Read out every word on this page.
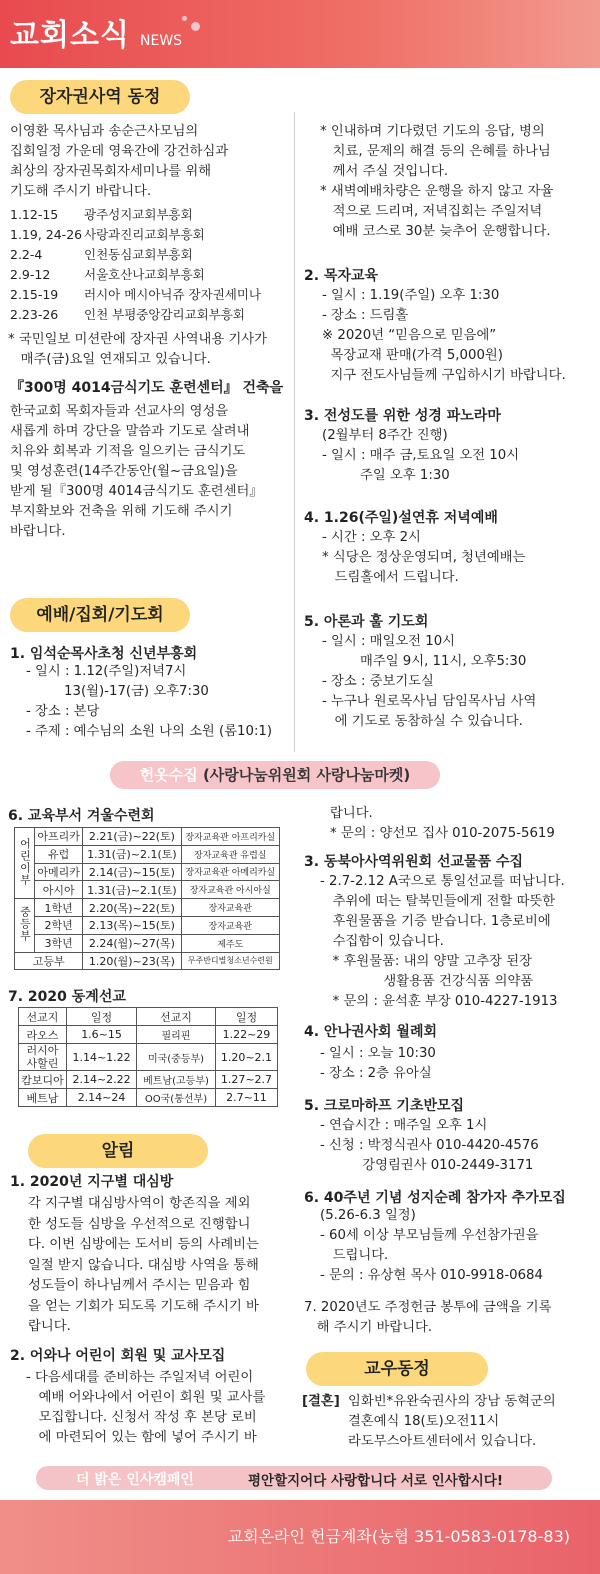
교회소식 NEWS
장자권사역 동정
이영환 목사님과 송순근사모님의
집회일정 가운데 영육간에 강건하심과
최상의 장자권목회자세미나를 위해
기도해 주시기 바랍니다.
1.12-15 광주성지교회부흥회
1.19, 24-26 사랑과진리교회부흥회
2.2-4	인천동심교회부흥회
2.9-12	서울호산나교회부흥회
2.15-19 러시아 메시아닉쥬 장자권세미나
2.23-26 인천 부평중앙감리교회부흥회
* 국민일보 미션란에 장자권 사역내용 기사가
매주(금)요일 연재되고 있습니다.
『300명 4014금식기도 훈련센터』 건축을
한국교회 목회자들과 선교사의 영성을
새롭게 하며 강단을 말씀과 기도로 살려내
치유와 회복과 기적을 일으키는 금식기도
및 영성훈련(14주간동안(월~금요일)을
받게 될『300명 4014금식기도 훈련센터』
부지확보와 건축을 위해 기도해 주시기
바랍니다.
예배/집회/기도회
1. 임석순목사초청 신년부흥회
- 일시 : 1.12(주일)저녁7시
13(월)-17(금) 오후7:30
- 장소 : 본당
- 주제 : 예수님의 소원 나의 소원 (롬10:1)
* 인내하며 기다렸던 기도의 응답, 병의
치료, 문제의 해결 등의 은혜를 하나님
께서 주실 것입니다.
* 새벽예배차량은 운행을 하지 않고 자율
적으로 드리며, 저녁집회는 주일저녁
예배 코스로 30분 늦추어 운행합니다.
2. 목자교육
- 일시 : 1.19(주일) 오후 1:30
- 장소 : 드림홀
※ 2020년 “믿음으로 믿음에”
목장교재 판매(가격 5,000원)
지구 전도사님들께 구입하시기 바랍니다.
3. 전성도를 위한 성경 파노라마
(2월부터 8주간 진행)
- 일시 : 매주 금,토요일 오전 10시
주일 오후 1:30
4. 1.26(주일)설연휴 저녁예배
- 시간 : 오후 2시
* 식당은 정상운영되며, 청년예배는
드림홀에서 드립니다.
5. 아론과 훌 기도회
- 일시 : 매일오전 10시
매주일 9시, 11시, 오후5:30
- 장소 : 중보기도실
- 누구나 원로목사님 담임목사님 사역
에 기도로 동참하실 수 있습니다.
헌옷수집 (사랑나눔위원회 사랑나눔마켓)
6. 교육부서 겨울수련회
어린이부	아프리카	2.21(금)~22(토)	장자교육관 아프리카실
	유럽	1.31(금)~2.1(토)	장자교육관 유럽실
	아메리카	2.14(금)~15(토)	장자교육관 아메리카실
	아시아	1.31(금)~2.1(토)	장자교육관 아시아실
중등부	1학년	2.20(목)~22(토)	장자교육관
	2학년	2.13(목)~15(토)	장자교육관
	3학년	2.24(월)~27(목)	제주도
고등부		1.20(월)~23(목)	무주반디별청소년수련원
7. 2020 동계선교
선교지	일정	선교지	일정
라오스	1.6~15	필리핀	1.22~29
러시아 사할린	1.14~1.22	미국(중등부)	1.20~2.1
캄보디아	2.14~2.22	베트남(고등부)	1.27~2.7
베트남	2.14~24	OO국(통선부)	2.7~11
알림
1. 2020년 지구별 대심방
각 지구별 대심방사역이 항존직을 제외
한 성도들 심방을 우선적으로 진행합니
다. 이번 심방에는 도서비 등의 사례비는
일절 받지 않습니다. 대심방 사역을 통해
성도들이 하나님께서 주시는 믿음과 힘
을 얻는 기회가 되도록 기도해 주시기 바
랍니다.
2. 어와나 어린이 회원 및 교사모집
- 다음세대를 준비하는 주일저녁 어린이
예배 어와나에서 어린이 회원 및 교사를
모집합니다. 신청서 작성 후 본당 로비
에 마련되어 있는 함에 넣어 주시기 바
랍니다.
* 문의 : 양선모 집사 010-2075-5619
3. 동북아사역위원회 선교물품 수집
- 2.7-2.12 A국으로 통일선교를 떠납니다.
추위에 떠는 탈북민들에게 전할 따뜻한
후원물품을 기증 받습니다. 1층로비에
수집함이 있습니다.
* 후원물품: 내의 양말 고추장 된장
생활용품 건강식품 의약품
* 문의 : 윤석훈 부장 010-4227-1913
4. 안나권사회 월례회
- 일시 : 오늘 10:30
- 장소 : 2층 유아실
5. 크로마하프 기초반모집
- 연습시간 : 매주일 오후 1시
- 신청 : 박정식권사 010-4420-4576
강영림권사 010-2449-3171
6. 40주년 기념 성지순례 참가자 추가모집
(5.26-6.3 일정)
- 60세 이상 부모님들께 우선참가권을
드립니다.
- 문의 : 유상현 목사 010-9918-0684
7. 2020년도 주정헌금 봉투에 금액을 기록
해 주시기 바랍니다.
교우동정
[결혼] 임화빈*유완숙권사의 장남 동혁군의
결혼예식 18(토)오전11시
라도무스아트센터에서 있습니다.
더 밝은 인사캠페인	평안할지어다 사랑합니다 서로 인사합시다!
교회온라인 헌금계좌(농협 351-0583-0178-83)
